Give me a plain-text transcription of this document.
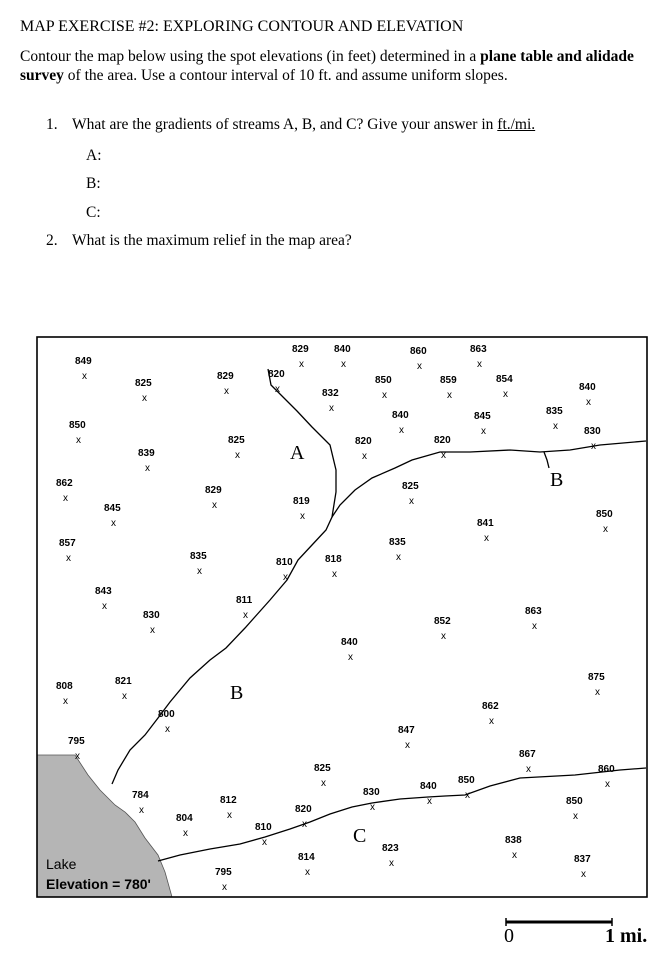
MAP EXERCISE #2: EXPLORING CONTOUR AND ELEVATION
Contour the map below using the spot elevations (in feet) determined in a plane table and alidade survey of the area. Use a contour interval of 10 ft. and assume uniform slopes.
1. What are the gradients of streams A, B, and C? Give your answer in ft./mi.
A:
B:
C:
2. What is the maximum relief in the map area?
0	1 mi.
A
B
C
B
Lake
Elevation = 780'
849
x
825
x
829
x
820
x
829
x
840
x
832
x
850
x
860
x
859
x
863
x
854
x
840
x
835
x	830
x
850
x
839
x
825
x
840
x
820
x
820
x
845
x
862
x
845
x
829
x
819
x
825
x
841
x
850
x
857
x	835
x
810
x
818
x
835
x
843
x
811
x
830
x
852
x
863
x
840
x
875
x
808
x
821
x
800
x	847
x
862
x
795
x
825
x
867
x	860
x
784
x
812
x
830
x
840
x
850
x
850
x
804
x
820
x
810
x
823
x
838
x
814
x
795
x
837
x
